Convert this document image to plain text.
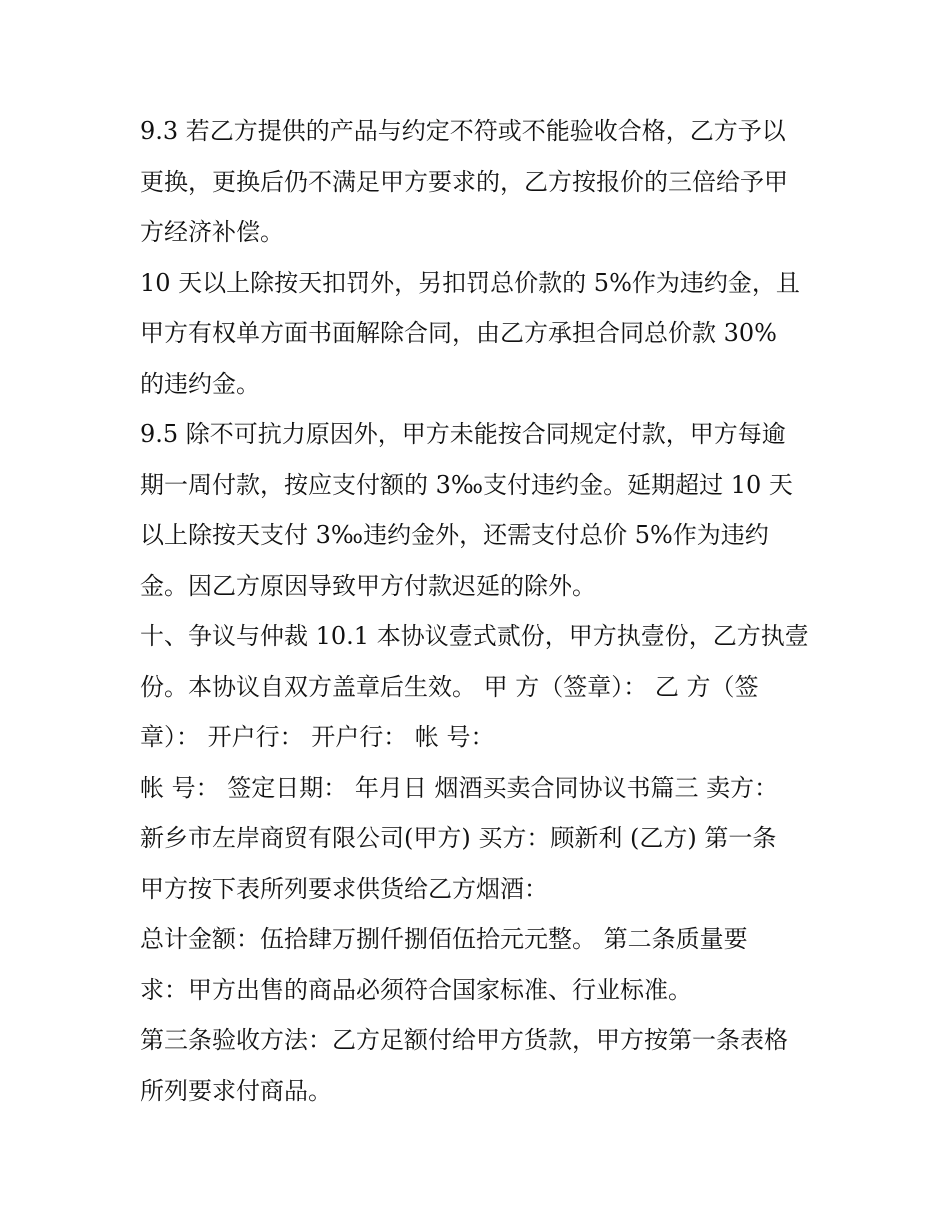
9.3 若乙方提供的产品与约定不符或不能验收合格，乙方予以
更换，更换后仍不满足甲方要求的，乙方按报价的三倍给予甲
方经济补偿。
10 天以上除按天扣罚外，另扣罚总价款的 5%作为违约金，且
甲方有权单方面书面解除合同，由乙方承担合同总价款 30%
的违约金。
9.5 除不可抗力原因外，甲方未能按合同规定付款，甲方每逾
期一周付款，按应支付额的 3‰支付违约金。延期超过 10 天
以上除按天支付 3‰违约金外，还需支付总价 5%作为违约
金。因乙方原因导致甲方付款迟延的除外。
十、争议与仲裁 10.1 本协议壹式贰份，甲方执壹份，乙方执壹
份。本协议自双方盖章后生效。 甲 方（签章）： 乙 方（签
章）： 开户行： 开户行： 帐 号：
帐 号： 签定日期： 年月日 烟酒买卖合同协议书篇三 卖方：
新乡市左岸商贸有限公司(甲方) 买方：顾新利 (乙方) 第一条
甲方按下表所列要求供货给乙方烟酒：
总计金额：伍拾肆万捌仟捌佰伍拾元元整。 第二条质量要
求：甲方出售的商品必须符合国家标准、行业标准。
第三条验收方法：乙方足额付给甲方货款，甲方按第一条表格
所列要求付商品。
